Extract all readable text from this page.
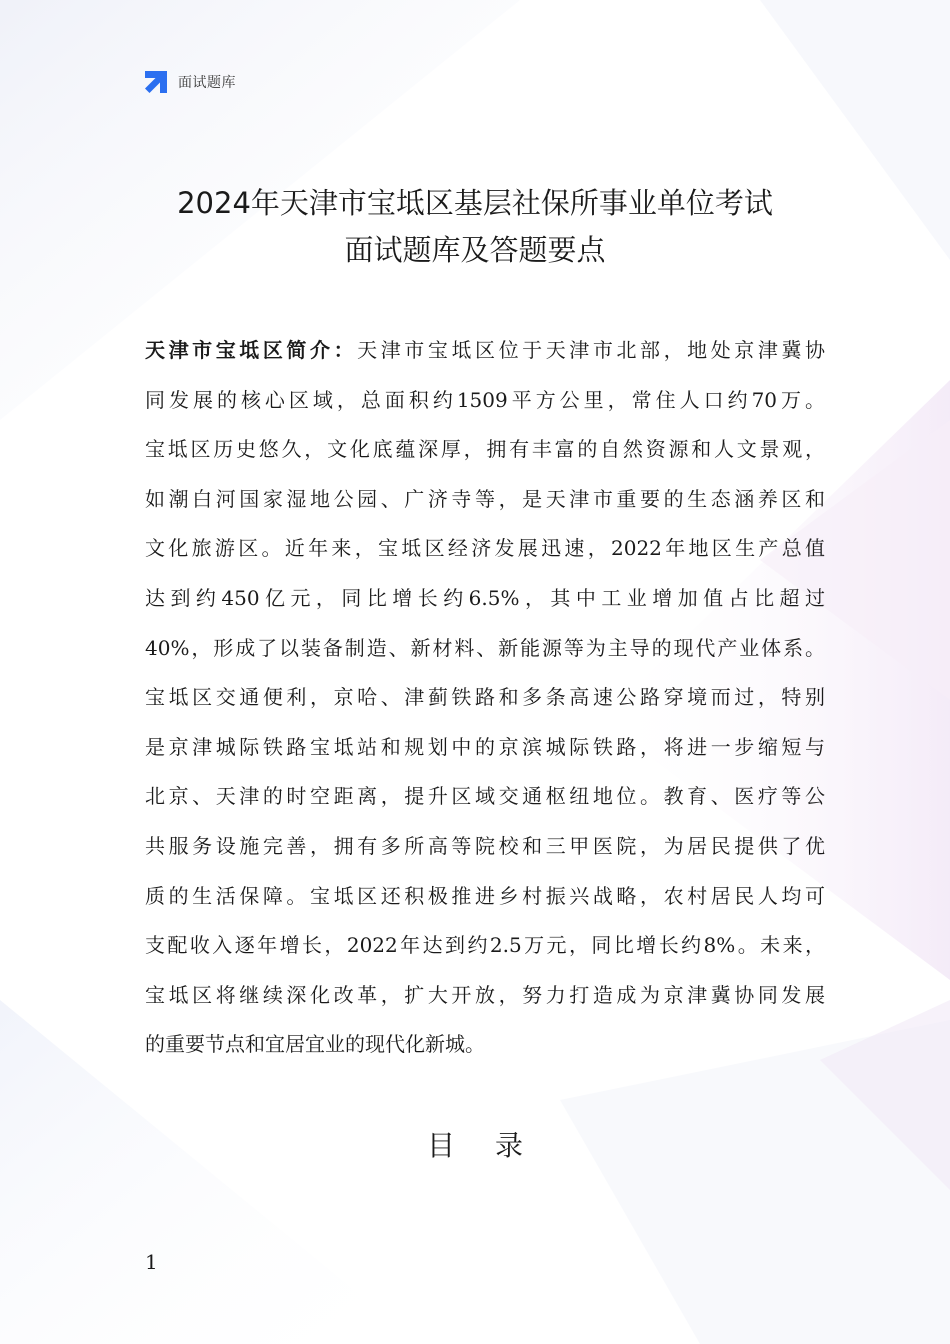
面试题库
2024年天津市宝坻区基层社保所事业单位考试
面试题库及答题要点
天津市宝坻区简介：天津市宝坻区位于天津市北部，地处京津冀协
同发展的核心区域，总面积约1509平方公里，常住人口约70万。
宝坻区历史悠久，文化底蕴深厚，拥有丰富的自然资源和人文景观，
如潮白河国家湿地公园、广济寺等，是天津市重要的生态涵养区和
文化旅游区。近年来，宝坻区经济发展迅速，2022年地区生产总值
达到约450亿元，同比增长约6.5%，其中工业增加值占比超过
40%，形成了以装备制造、新材料、新能源等为主导的现代产业体系。
宝坻区交通便利，京哈、津蓟铁路和多条高速公路穿境而过，特别
是京津城际铁路宝坻站和规划中的京滨城际铁路，将进一步缩短与
北京、天津的时空距离，提升区域交通枢纽地位。教育、医疗等公
共服务设施完善，拥有多所高等院校和三甲医院，为居民提供了优
质的生活保障。宝坻区还积极推进乡村振兴战略，农村居民人均可
支配收入逐年增长，2022年达到约2.5万元，同比增长约8%。未来，
宝坻区将继续深化改革，扩大开放，努力打造成为京津冀协同发展
的重要节点和宜居宜业的现代化新城。
目录
1
